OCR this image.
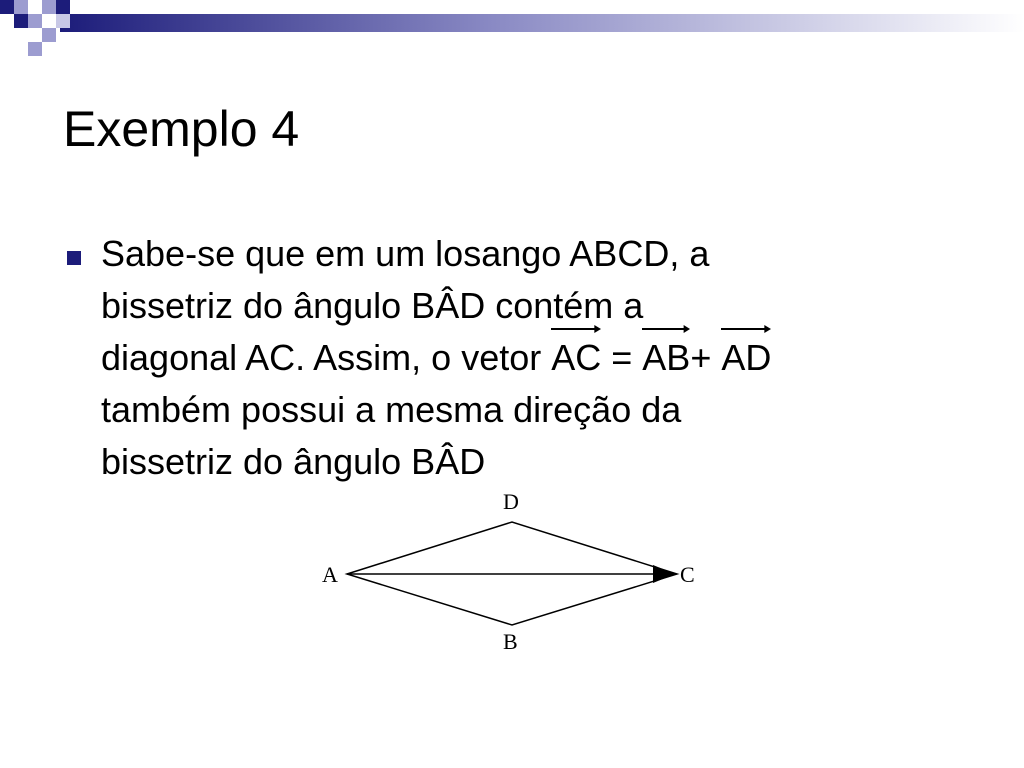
Exemplo 4

Sabe-se que em um losango ABCD, a
bissetriz do ângulo BÂD contém a
diagonal AC. Assim, o vetor
AC =
AB+
AD
também possui a mesma direção da
bissetriz do ângulo BÂD

A
D
C
B
